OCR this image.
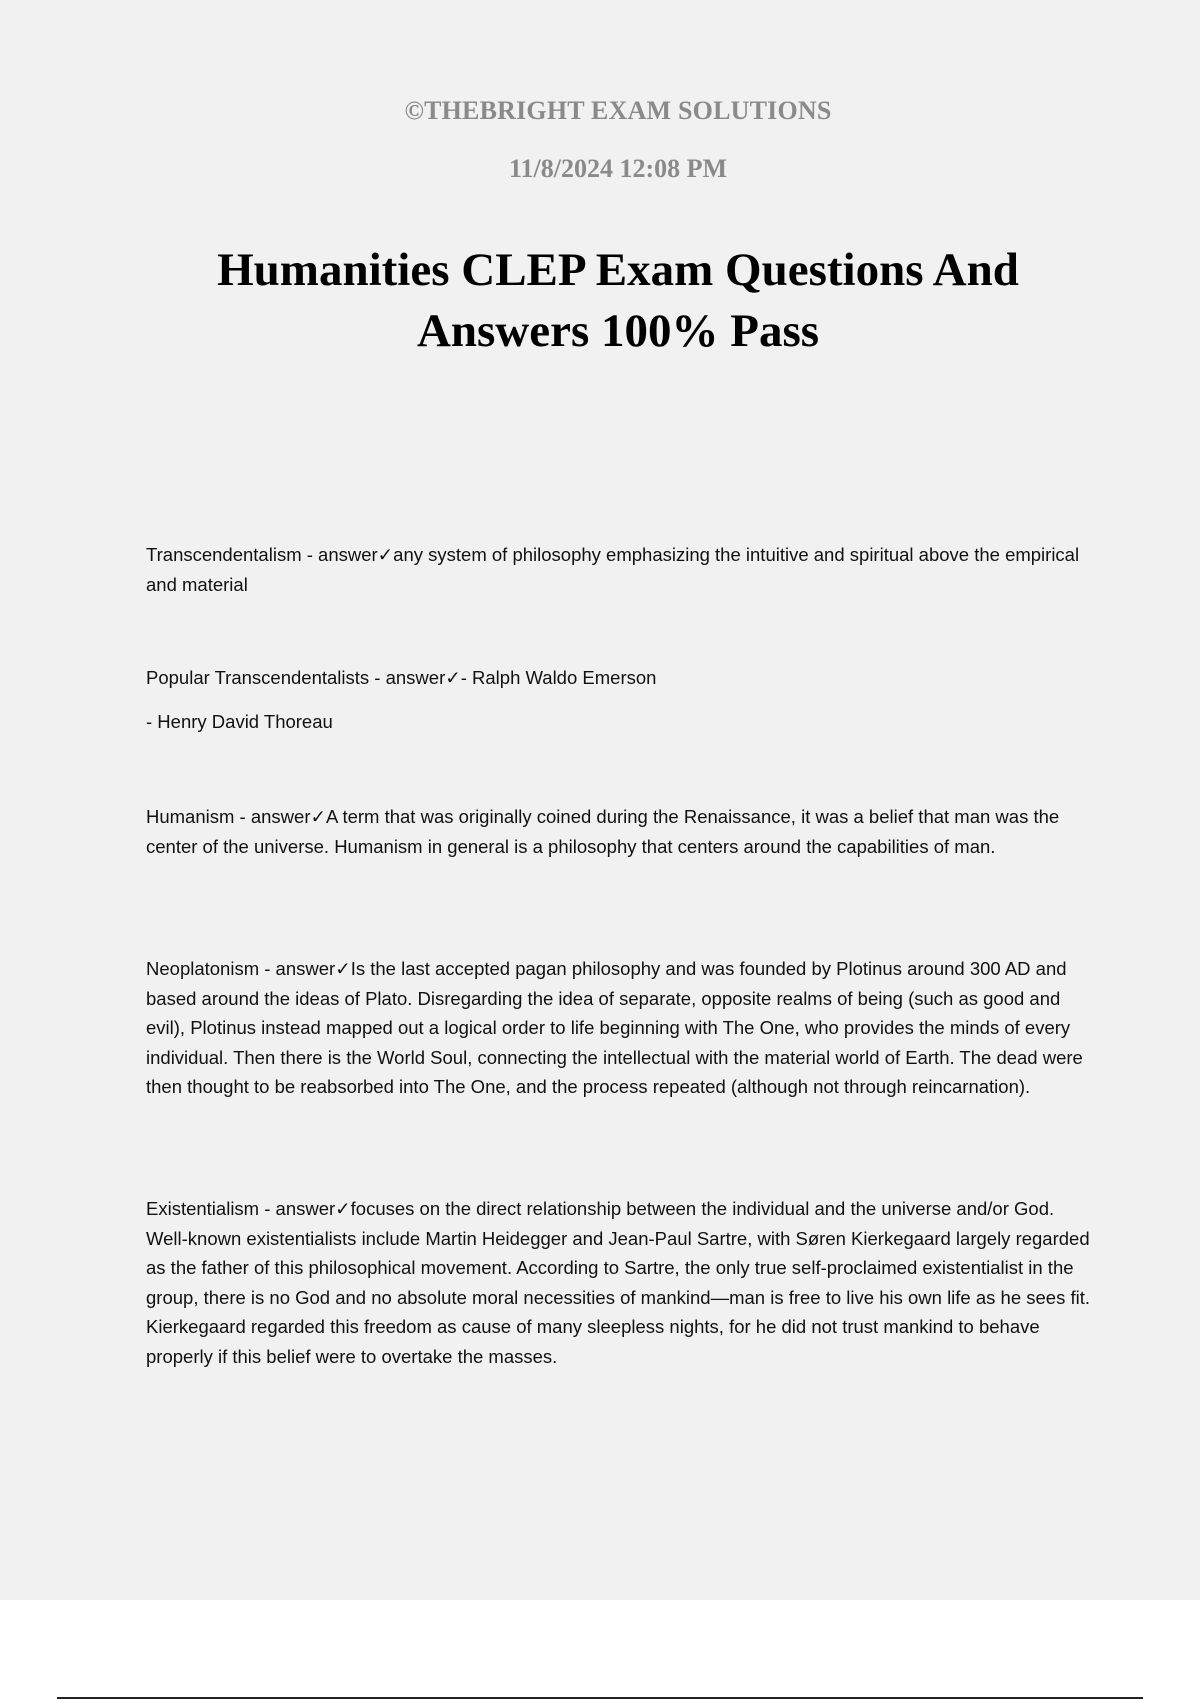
©THEBRIGHT EXAM SOLUTIONS
11/8/2024 12:08 PM
Humanities CLEP Exam Questions And Answers 100% Pass

Transcendentalism - answer✓any system of philosophy emphasizing the intuitive and spiritual above the empirical and material

Popular Transcendentalists - answer✓- Ralph Waldo Emerson

- Henry David Thoreau

Humanism - answer✓A term that was originally coined during the Renaissance, it was a belief that man was the center of the universe. Humanism in general is a philosophy that centers around the capabilities of man.

Neoplatonism - answer✓Is the last accepted pagan philosophy and was founded by Plotinus around 300 AD and based around the ideas of Plato. Disregarding the idea of separate, opposite realms of being (such as good and evil), Plotinus instead mapped out a logical order to life beginning with The One, who provides the minds of every individual. Then there is the World Soul, connecting the intellectual with the material world of Earth. The dead were then thought to be reabsorbed into The One, and the process repeated (although not through reincarnation).

Existentialism - answer✓focuses on the direct relationship between the individual and the universe and/or God. Well-known existentialists include Martin Heidegger and Jean-Paul Sartre, with Søren Kierkegaard largely regarded as the father of this philosophical movement. According to Sartre, the only true self-proclaimed existentialist in the group, there is no God and no absolute moral necessities of mankind—man is free to live his own life as he sees fit. Kierkegaard regarded this freedom as cause of many sleepless nights, for he did not trust mankind to behave properly if this belief were to overtake the masses.
